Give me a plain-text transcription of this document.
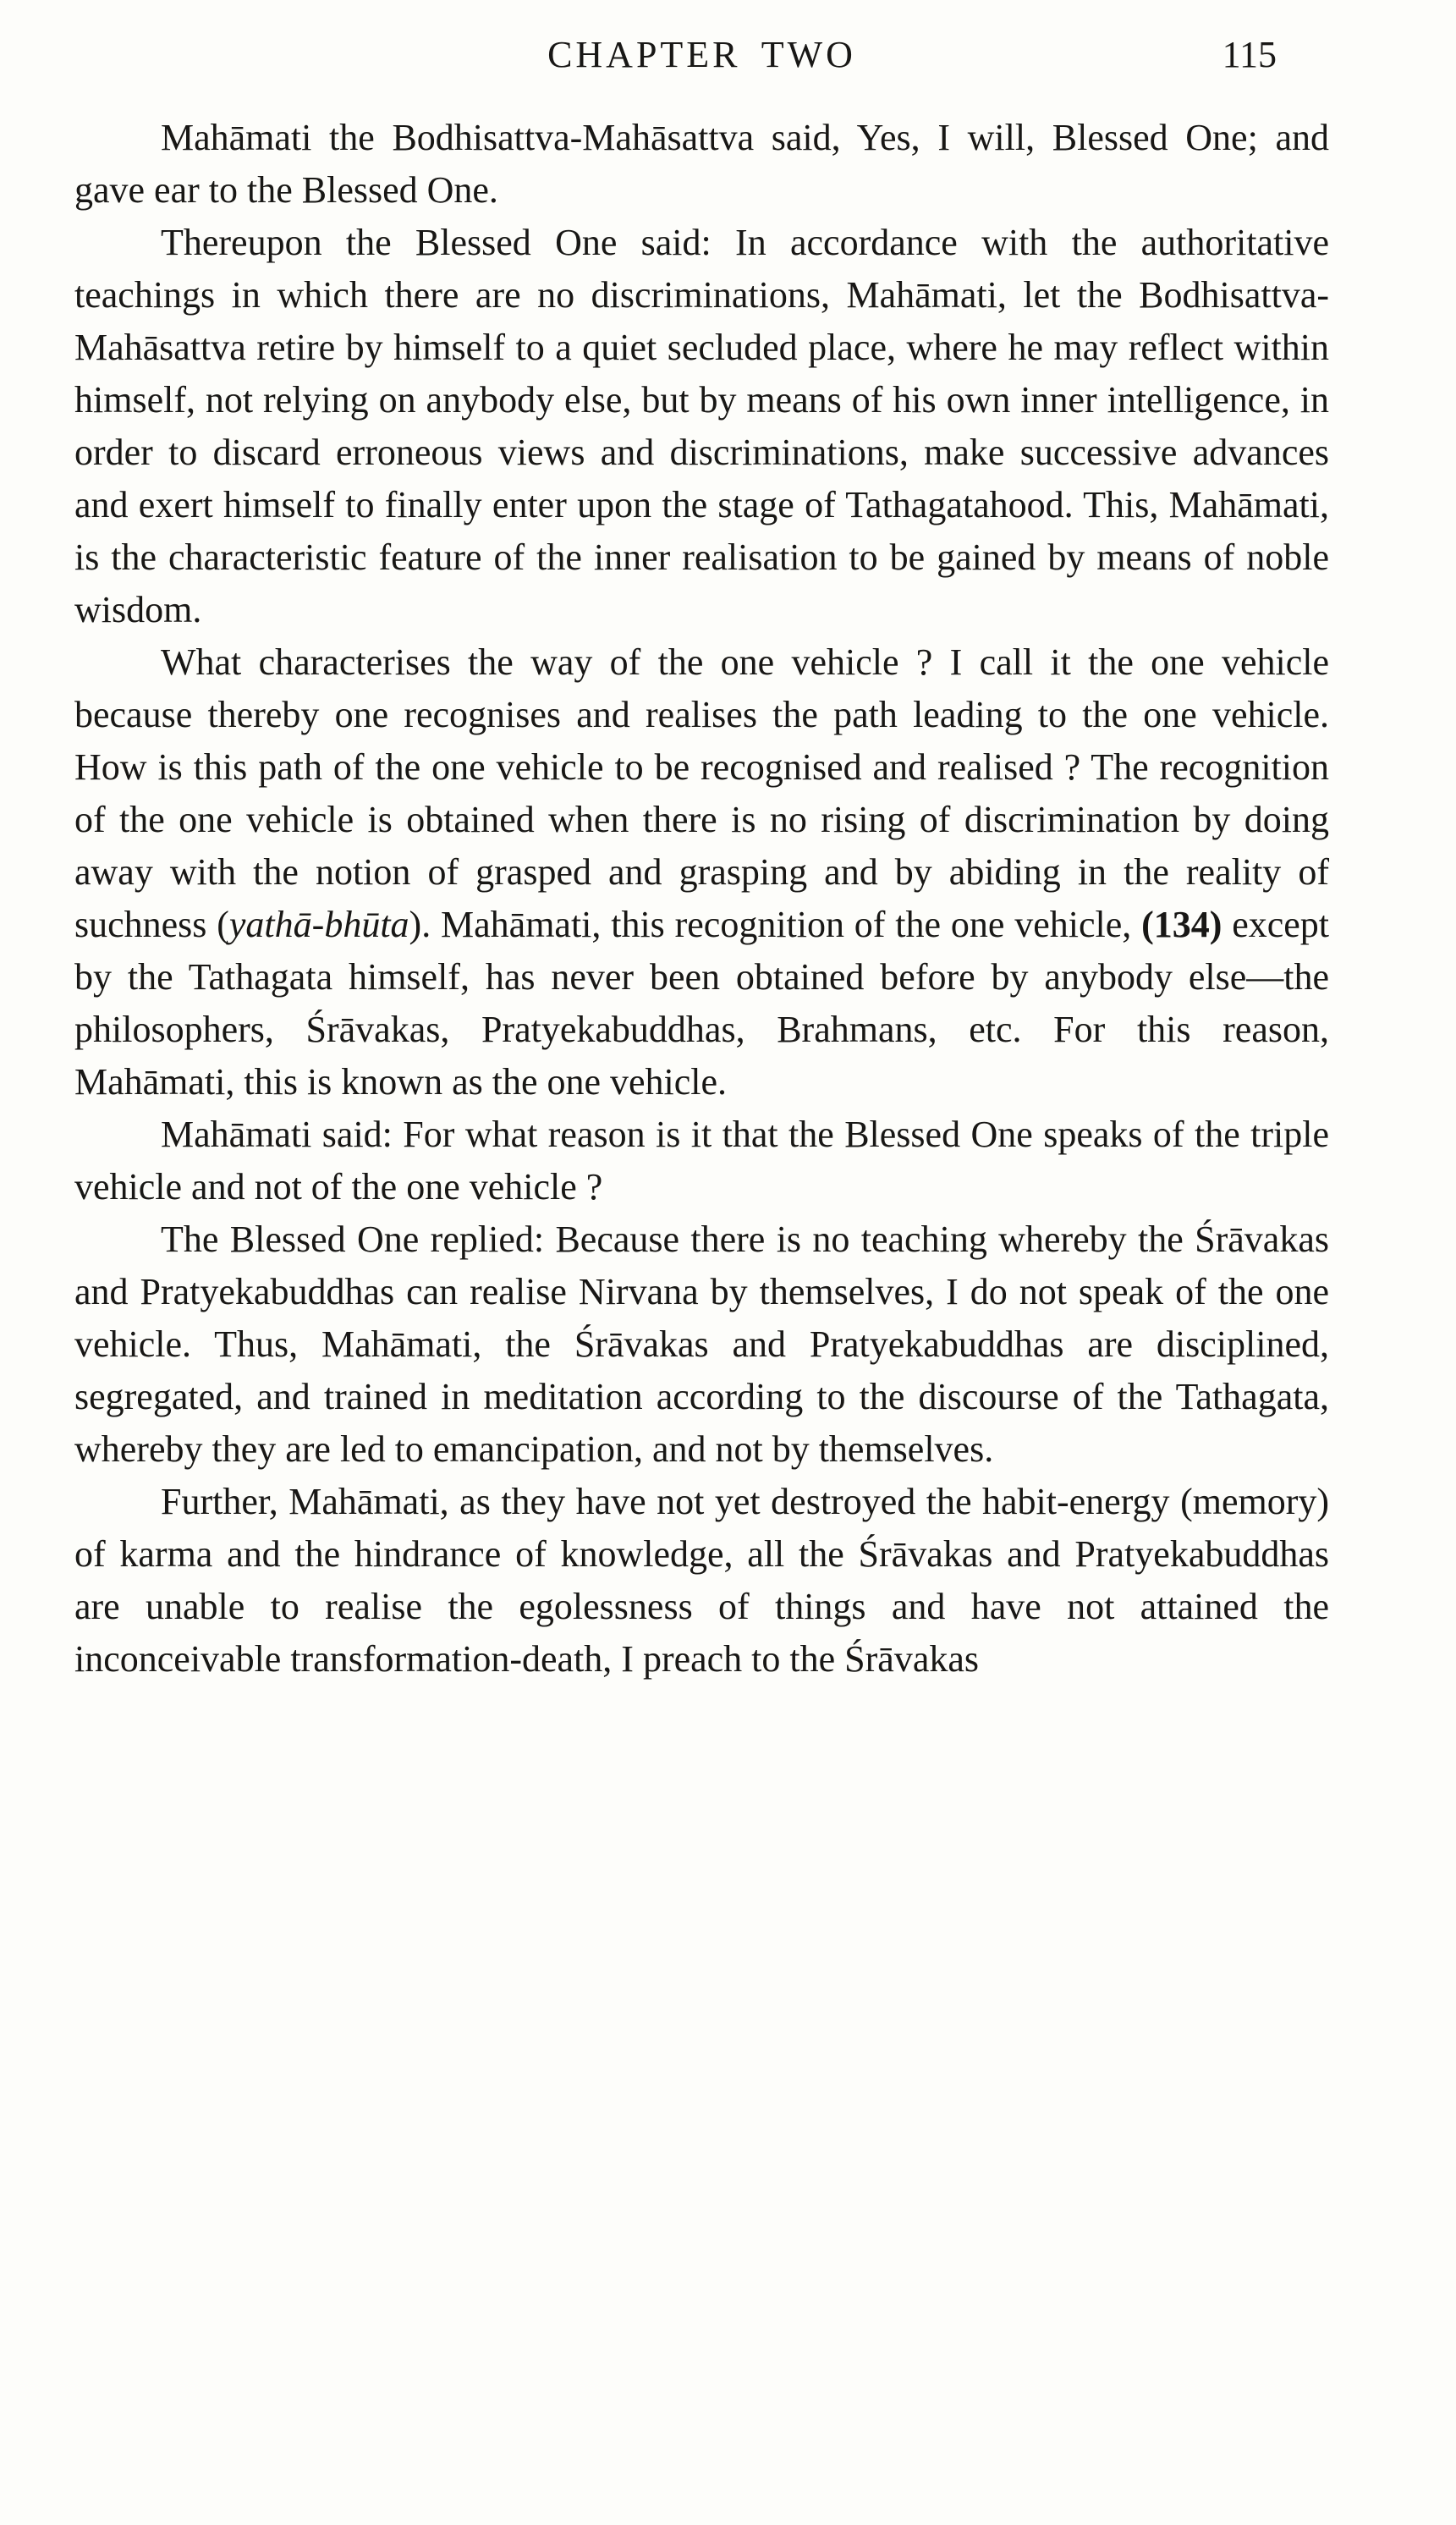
CHAPTER TWO	115

Mahāmati the Bodhisattva-Mahāsattva said, Yes, I will, Blessed One; and gave ear to the Blessed One.

Thereupon the Blessed One said: In accordance with the authoritative teachings in which there are no discriminations, Mahāmati, let the Bodhisattva-Mahāsattva retire by himself to a quiet secluded place, where he may reflect within himself, not relying on anybody else, but by means of his own inner intelligence, in order to discard erroneous views and discriminations, make successive advances and exert himself to finally enter upon the stage of Tathagatahood. This, Mahāmati, is the characteristic feature of the inner realisation to be gained by means of noble wisdom.

What characterises the way of the one vehicle ? I call it the one vehicle because thereby one recognises and realises the path leading to the one vehicle. How is this path of the one vehicle to be recognised and realised ? The recognition of the one vehicle is obtained when there is no rising of discrimination by doing away with the notion of grasped and grasping and by abiding in the reality of suchness (yathā-bhūta). Mahāmati, this recognition of the one vehicle, (134) except by the Tathagata himself, has never been obtained before by anybody else—the philosophers, Śrāvakas, Pratyekabuddhas, Brahmans, etc. For this reason, Mahāmati, this is known as the one vehicle.

Mahāmati said: For what reason is it that the Blessed One speaks of the triple vehicle and not of the one vehicle ?

The Blessed One replied: Because there is no teaching whereby the Śrāvakas and Pratyekabuddhas can realise Nirvana by themselves, I do not speak of the one vehicle. Thus, Mahāmati, the Śrāvakas and Pratyekabuddhas are disciplined, segregated, and trained in meditation according to the discourse of the Tathagata, whereby they are led to emancipation, and not by themselves.

Further, Mahāmati, as they have not yet destroyed the habit-energy (memory) of karma and the hindrance of knowledge, all the Śrāvakas and Pratyekabuddhas are unable to realise the egolessness of things and have not attained the inconceivable transformation-death, I preach to the Śrāvakas
